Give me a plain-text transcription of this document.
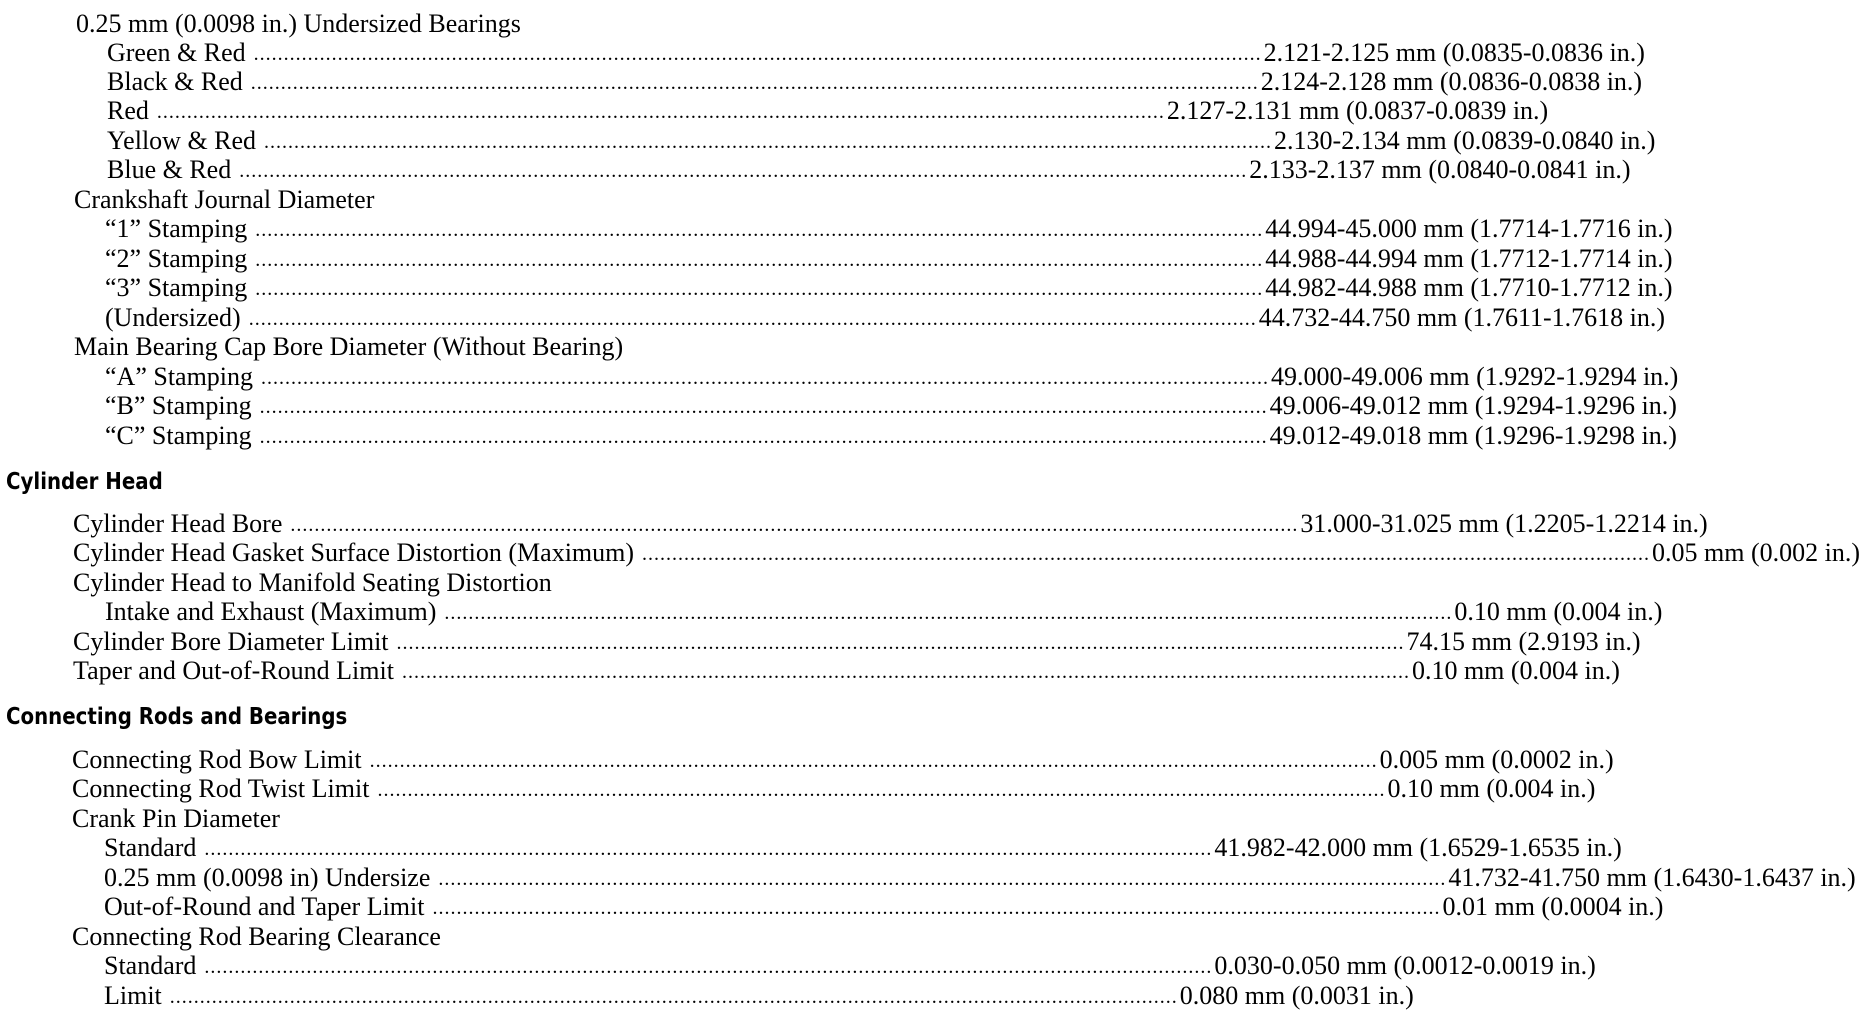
0.25 mm (0.0098 in.) Undersized Bearings
Green & Red ........................................................................................................................................................................ 2.121-2.125 mm (0.0835-0.0836 in.)
Black & Red ........................................................................................................................................................................ 2.124-2.128 mm (0.0836-0.0838 in.)
Red ........................................................................................................................................................................ 2.127-2.131 mm (0.0837-0.0839 in.)
Yellow & Red ........................................................................................................................................................................ 2.130-2.134 mm (0.0839-0.0840 in.)
Blue & Red ........................................................................................................................................................................ 2.133-2.137 mm (0.0840-0.0841 in.)
Crankshaft Journal Diameter
“1” Stamping ........................................................................................................................................................................ 44.994-45.000 mm (1.7714-1.7716 in.)
“2” Stamping ........................................................................................................................................................................ 44.988-44.994 mm (1.7712-1.7714 in.)
“3” Stamping ........................................................................................................................................................................ 44.982-44.988 mm (1.7710-1.7712 in.)
(Undersized) ........................................................................................................................................................................ 44.732-44.750 mm (1.7611-1.7618 in.)
Main Bearing Cap Bore Diameter (Without Bearing)
“A” Stamping ........................................................................................................................................................................ 49.000-49.006 mm (1.9292-1.9294 in.)
“B” Stamping ........................................................................................................................................................................ 49.006-49.012 mm (1.9294-1.9296 in.)
“C” Stamping ........................................................................................................................................................................ 49.012-49.018 mm (1.9296-1.9298 in.)
Cylinder Head
Cylinder Head Bore ........................................................................................................................................................................ 31.000-31.025 mm (1.2205-1.2214 in.)
Cylinder Head Gasket Surface Distortion (Maximum) ........................................................................................................................................................................ 0.05 mm (0.002 in.)
Cylinder Head to Manifold Seating Distortion
Intake and Exhaust (Maximum) ........................................................................................................................................................................ 0.10 mm (0.004 in.)
Cylinder Bore Diameter Limit ........................................................................................................................................................................ 74.15 mm (2.9193 in.)
Taper and Out-of-Round Limit ........................................................................................................................................................................ 0.10 mm (0.004 in.)
Connecting Rods and Bearings
Connecting Rod Bow Limit ........................................................................................................................................................................ 0.005 mm (0.0002 in.)
Connecting Rod Twist Limit ........................................................................................................................................................................ 0.10 mm (0.004 in.)
Crank Pin Diameter
Standard ........................................................................................................................................................................ 41.982-42.000 mm (1.6529-1.6535 in.)
0.25 mm (0.0098 in) Undersize ........................................................................................................................................................................ 41.732-41.750 mm (1.6430-1.6437 in.)
Out-of-Round and Taper Limit ........................................................................................................................................................................ 0.01 mm (0.0004 in.)
Connecting Rod Bearing Clearance
Standard ........................................................................................................................................................................ 0.030-0.050 mm (0.0012-0.0019 in.)
Limit ........................................................................................................................................................................ 0.080 mm (0.0031 in.)
